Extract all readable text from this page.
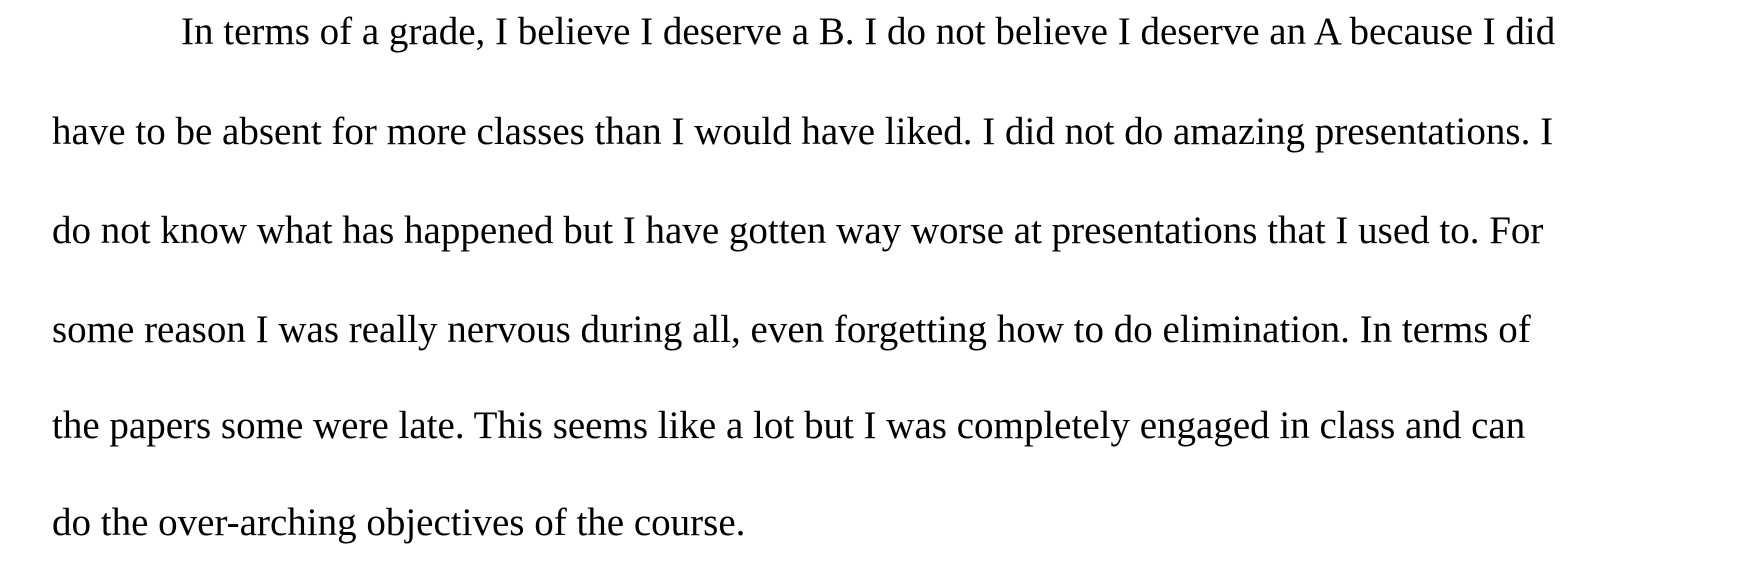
In terms of a grade, I believe I deserve a B. I do not believe I deserve an A because I did
have to be absent for more classes than I would have liked. I did not do amazing presentations. I
do not know what has happened but I have gotten way worse at presentations that I used to. For
some reason I was really nervous during all, even forgetting how to do elimination. In terms of
the papers some were late. This seems like a lot but I was completely engaged in class and can
do the over-arching objectives of the course.
